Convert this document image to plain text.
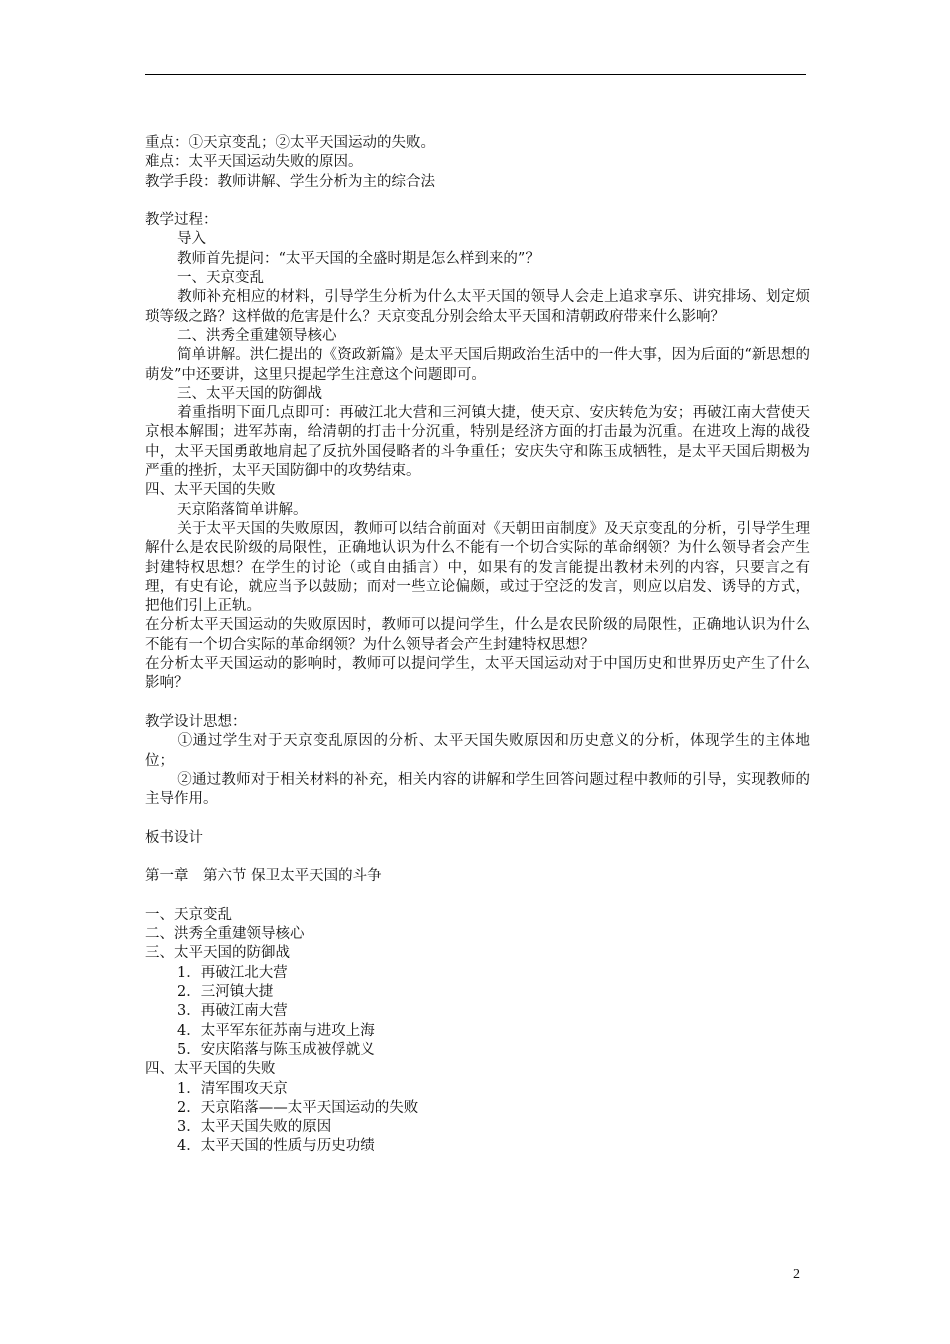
重点：①天京变乱；②太平天国运动的失败。
难点：太平天国运动失败的原因。
教学手段：教师讲解、学生分析为主的综合法
教学过程：
导入
教师首先提问：“太平天国的全盛时期是怎么样到来的”？
一、天京变乱
教师补充相应的材料，引导学生分析为什么太平天国的领导人会走上追求享乐、讲究排场、划定烦琐等级之路？这样做的危害是什么？天京变乱分别会给太平天国和清朝政府带来什么影响？
二、洪秀全重建领导核心
简单讲解。洪仁提出的《资政新篇》是太平天国后期政治生活中的一件大事，因为后面的“新思想的萌发”中还要讲，这里只提起学生注意这个问题即可。
三、太平天国的防御战
着重指明下面几点即可：再破江北大营和三河镇大捷，使天京、安庆转危为安；再破江南大营使天京根本解围；进军苏南，给清朝的打击十分沉重，特别是经济方面的打击最为沉重。在进攻上海的战役中，太平天国勇敢地肩起了反抗外国侵略者的斗争重任；安庆失守和陈玉成牺牲，是太平天国后期极为严重的挫折，太平天国防御中的攻势结束。
四、太平天国的失败
天京陷落简单讲解。
关于太平天国的失败原因，教师可以结合前面对《天朝田亩制度》及天京变乱的分析，引导学生理解什么是农民阶级的局限性，正确地认识为什么不能有一个切合实际的革命纲领？为什么领导者会产生封建特权思想？在学生的讨论（或自由插言）中，如果有的发言能提出教材未列的内容，只要言之有理，有史有论，就应当予以鼓励；而对一些立论偏颇，或过于空泛的发言，则应以启发、诱导的方式，把他们引上正轨。
在分析太平天国运动的失败原因时，教师可以提问学生，什么是农民阶级的局限性，正确地认识为什么不能有一个切合实际的革命纲领？为什么领导者会产生封建特权思想？
在分析太平天国运动的影响时，教师可以提问学生，太平天国运动对于中国历史和世界历史产生了什么影响？
教学设计思想：
①通过学生对于天京变乱原因的分析、太平天国失败原因和历史意义的分析，体现学生的主体地位；
②通过教师对于相关材料的补充，相关内容的讲解和学生回答问题过程中教师的引导，实现教师的主导作用。
板书设计
第一章　第六节 保卫太平天国的斗争
一、天京变乱
二、洪秀全重建领导核心
三、太平天国的防御战
1．再破江北大营
2．三河镇大捷
3．再破江南大营
4．太平军东征苏南与进攻上海
5．安庆陷落与陈玉成被俘就义
四、太平天国的失败
1．清军围攻天京
2．天京陷落——太平天国运动的失败
3．太平天国失败的原因
4．太平天国的性质与历史功绩
2
